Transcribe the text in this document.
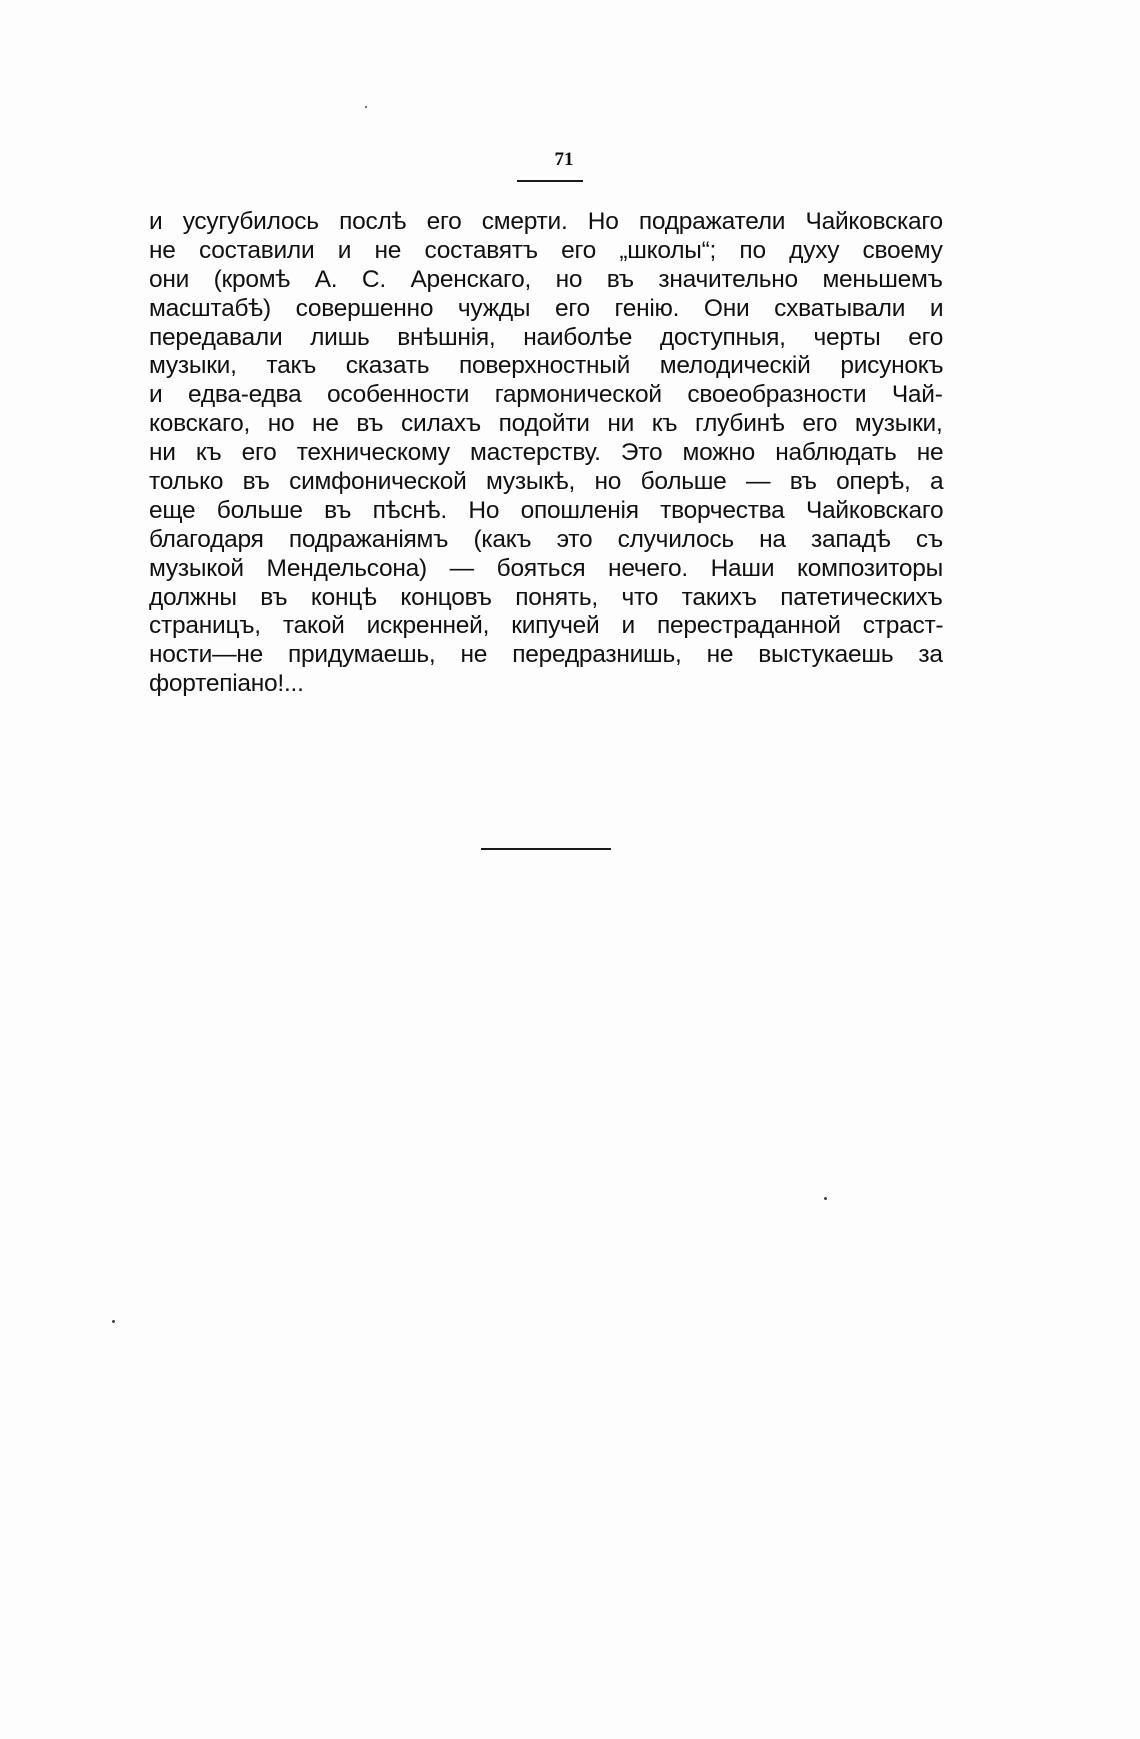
71
и усугубилось послѣ его смерти. Но подражатели Чайковскаго
не составили и не составятъ его „школы“; по духу своему
они (кромѣ А. С. Аренскаго, но въ значительно меньшемъ
масштабѣ) совершенно чужды его генію. Они схватывали и
передавали лишь внѣшнія, наиболѣе доступныя, черты его
музыки, такъ сказать поверхностный мелодическій рисунокъ
и едва-едва особенности гармонической своеобразности Чай-
ковскаго, но не въ силахъ подойти ни къ глубинѣ его музыки,
ни къ его техническому мастерству. Это можно наблюдать не
только въ симфонической музыкѣ, но больше — въ оперѣ, а
еще больше въ пѣснѣ. Но опошленія творчества Чайковскаго
благодаря подражаніямъ (какъ это случилось на западѣ съ
музыкой Мендельсона) — бояться нечего. Наши композиторы
должны въ концѣ концовъ понять, что такихъ патетическихъ
страницъ, такой искренней, кипучей и перестраданной страст-
ности—не придумаешь, не передразнишь, не выстукаешь за
фортепіано!...
